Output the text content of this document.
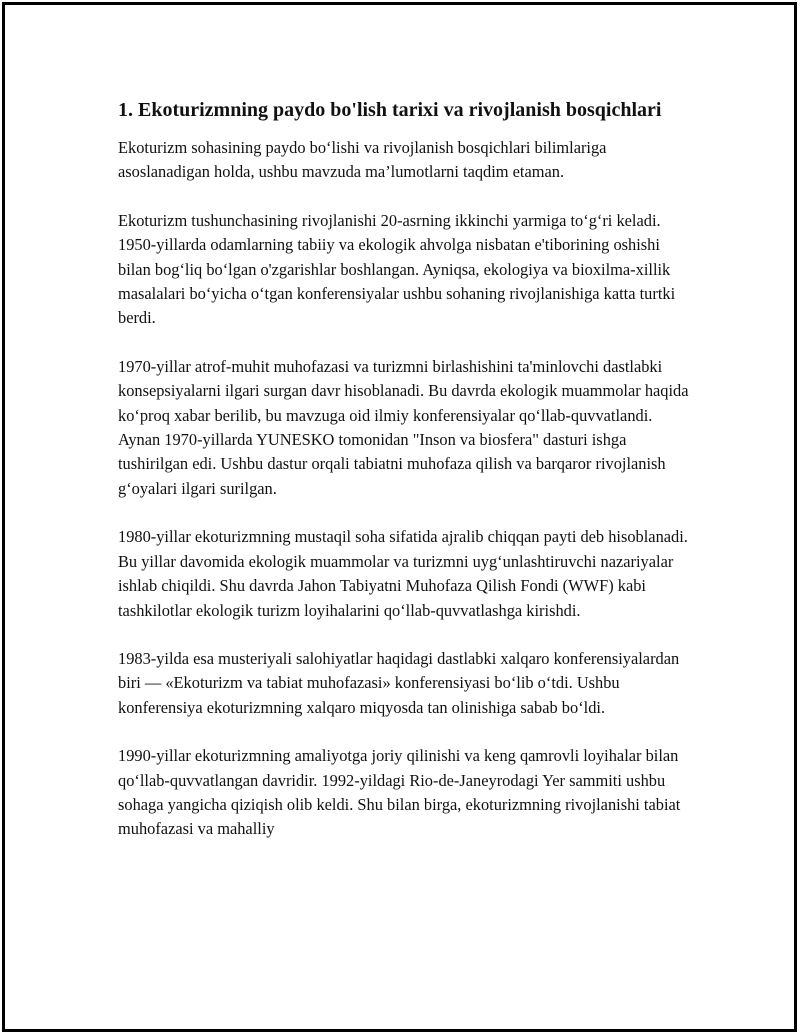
1. Ekoturizmning paydo bo'lish tarixi va rivojlanish bosqichlari

Ekoturizm sohasining paydo bo‘lishi va rivojlanish bosqichlari bilimlariga asoslanadigan holda, ushbu mavzuda ma’lumotlarni taqdim etaman.

Ekoturizm tushunchasining rivojlanishi 20-asrning ikkinchi yarmiga to‘g‘ri keladi. 1950-yillarda odamlarning tabiiy va ekologik ahvolga nisbatan e'tiborining oshishi bilan bog‘liq bo‘lgan o'zgarishlar boshlangan. Ayniqsa, ekologiya va bioxilma-xillik masalalari bo‘yicha o‘tgan konferensiyalar ushbu sohaning rivojlanishiga katta turtki berdi.

1970-yillar atrof-muhit muhofazasi va turizmni birlashishini ta'minlovchi dastlabki konsepsiyalarni ilgari surgan davr hisoblanadi. Bu davrda ekologik muammolar haqida ko‘proq xabar berilib, bu mavzuga oid ilmiy konferensiyalar qo‘llab-quvvatlandi. Aynan 1970-yillarda YUNESKO tomonidan "Inson va biosfera" dasturi ishga tushirilgan edi. Ushbu dastur orqali tabiatni muhofaza qilish va barqaror rivojlanish g‘oyalari ilgari surilgan.

1980-yillar ekoturizmning mustaqil soha sifatida ajralib chiqqan payti deb hisoblanadi. Bu yillar davomida ekologik muammolar va turizmni uyg‘unlashtiruvchi nazariyalar ishlab chiqildi. Shu davrda Jahon Tabiyatni Muhofaza Qilish Fondi (WWF) kabi tashkilotlar ekologik turizm loyihalarini qo‘llab-quvvatlashga kirishdi.

1983-yilda esa musteriyali salohiyatlar haqidagi dastlabki xalqaro konferensiyalardan biri — «Ekoturizm va tabiat muhofazasi» konferensiyasi bo‘lib o‘tdi. Ushbu konferensiya ekoturizmning xalqaro miqyosda tan olinishiga sabab bo‘ldi.

1990-yillar ekoturizmning amaliyotga joriy qilinishi va keng qamrovli loyihalar bilan qo‘llab-quvvatlangan davridir. 1992-yildagi Rio-de-Janeyrodagi Yer sammiti ushbu sohaga yangicha qiziqish olib keldi. Shu bilan birga, ekoturizmning rivojlanishi tabiat muhofazasi va mahalliy
